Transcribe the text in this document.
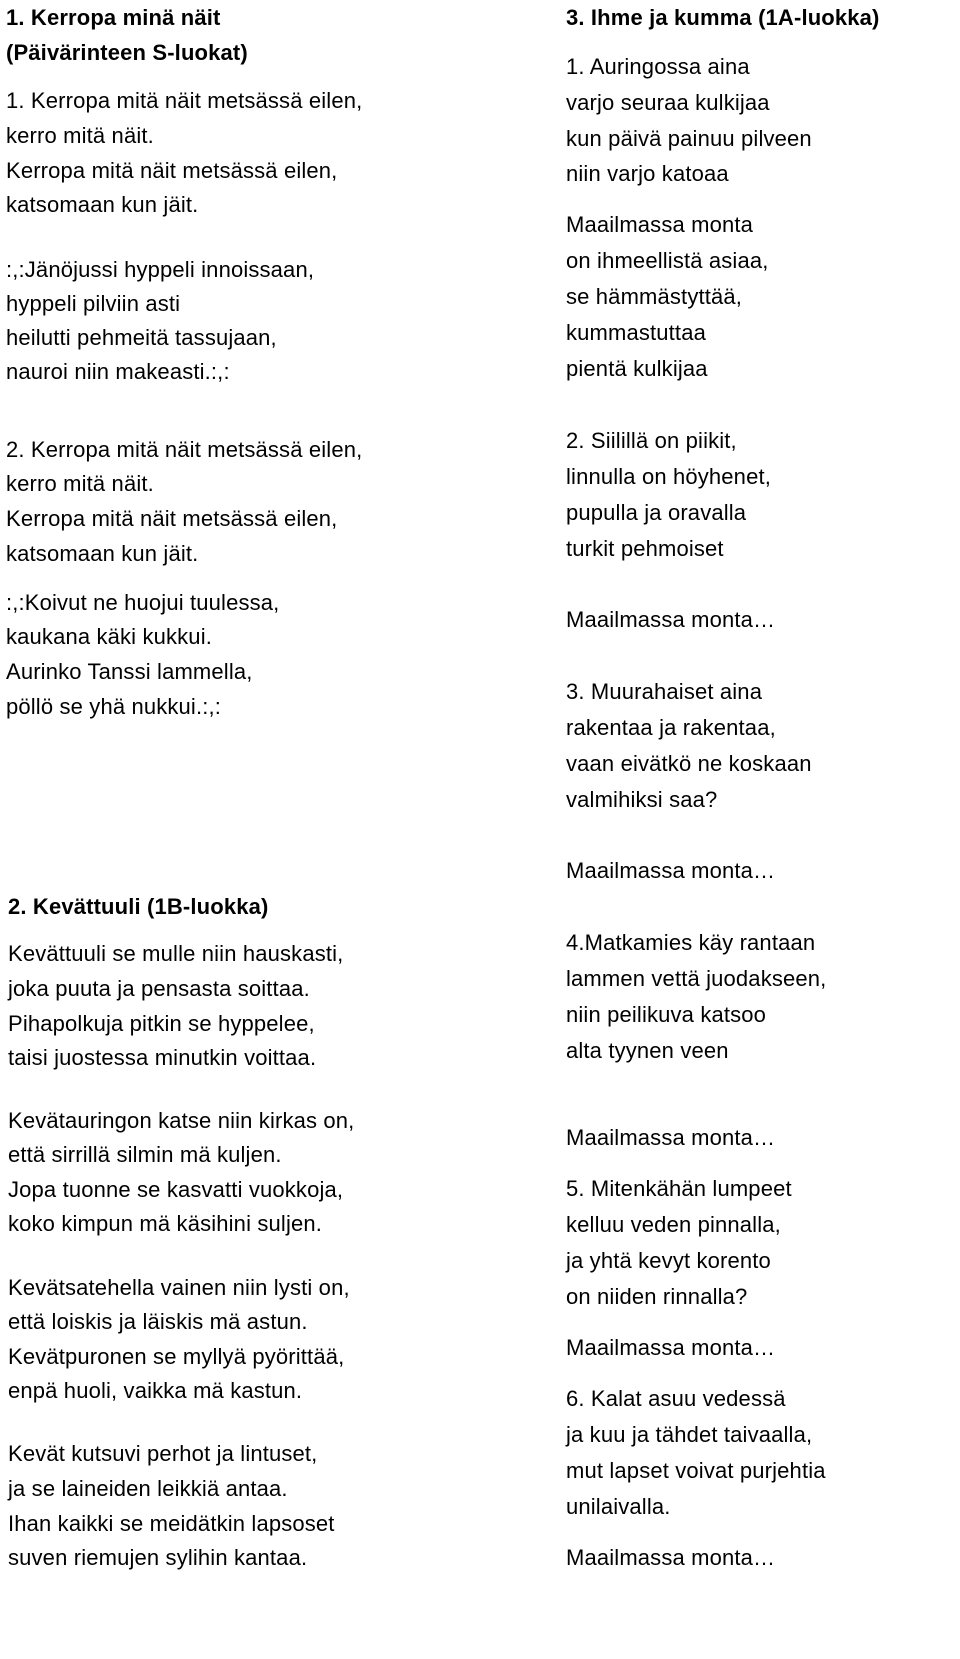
1. Kerropa minä näit
(Päivärinteen S-luokat)
1. Kerropa mitä näit metsässä eilen,
kerro mitä näit.
Kerropa mitä näit metsässä eilen,
katsomaan kun jäit.
:,:Jänöjussi hyppeli innoissaan,
hyppeli pilviin asti
heilutti pehmeitä tassujaan,
nauroi niin makeasti.:,:
2. Kerropa mitä näit metsässä eilen,
kerro mitä näit.
Kerropa mitä näit metsässä eilen,
katsomaan kun jäit.
:,:Koivut ne huojui tuulessa,
kaukana käki kukkui.
Aurinko Tanssi lammella,
pöllö se yhä nukkui.:,:
2. Kevättuuli (1B-luokka)
Kevättuuli se mulle niin hauskasti,
joka puuta ja pensasta soittaa.
Pihapolkuja pitkin se hyppelee,
taisi juostessa minutkin voittaa.
Kevätauringon katse niin kirkas on,
että sirrillä silmin mä kuljen.
Jopa tuonne se kasvatti vuokkoja,
koko kimpun mä käsihini suljen.
Kevätsatehella vainen niin lysti on,
että loiskis ja läiskis mä astun.
Kevätpuronen se myllyä pyörittää,
enpä huoli, vaikka mä kastun.
Kevät kutsuvi perhot ja lintuset,
ja se laineiden leikkiä antaa.
Ihan kaikki se meidätkin lapsoset
suven riemujen sylihin kantaa.
3. Ihme ja kumma (1A-luokka)
1. Auringossa aina
varjo seuraa kulkijaa
kun päivä painuu pilveen
niin varjo katoaa
Maailmassa monta
on ihmeellistä asiaa,
se hämmästyttää,
kummastuttaa
pientä kulkijaa
2. Siilillä on piikit,
linnulla on höyhenet,
pupulla ja oravalla
turkit pehmoiset
Maailmassa monta…
3. Muurahaiset aina
rakentaa ja rakentaa,
vaan eivätkö ne koskaan
valmihiksi saa?
Maailmassa monta…
4.Matkamies käy rantaan
lammen vettä juodakseen,
niin peilikuva katsoo
alta tyynen veen
Maailmassa monta…
5. Mitenkähän lumpeet
kelluu veden pinnalla,
ja yhtä kevyt korento
on niiden rinnalla?
Maailmassa monta…
6. Kalat asuu vedessä
ja kuu ja tähdet taivaalla,
mut lapset voivat purjehtia
unilaivalla.
Maailmassa monta…
